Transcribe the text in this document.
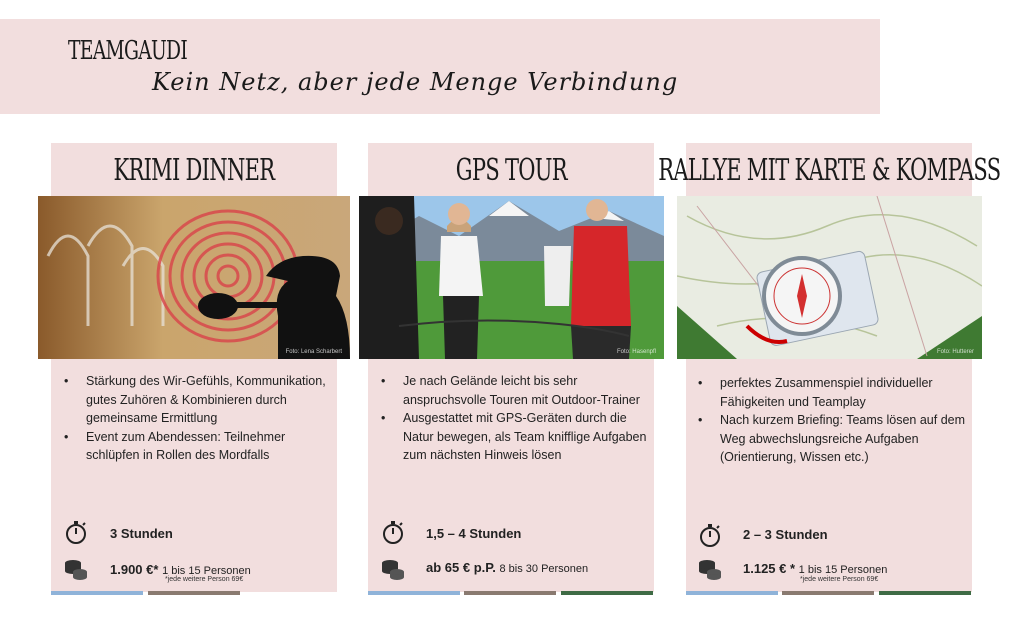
TEAMGAUDI
Kein Netz, aber jede Menge Verbindung
KRIMI DINNER
Foto: Lena Scharbert
• Stärkung des Wir-Gefühls, Kommunikation, gutes Zuhören & Kombinieren durch gemeinsame Ermittlung
• Event zum Abendessen: Teilnehmer schlüpfen in Rollen des Mordfalls
3 Stunden
1.900 €* 1 bis 15 Personen
*jede weitere Person 69€
GPS TOUR
Foto: Hasenpfl
• Je nach Gelände leicht bis sehr anspruchsvolle Touren mit Outdoor-Trainer
• Ausgestattet mit GPS-Geräten durch die Natur bewegen, als Team knifflige Aufgaben zum nächsten Hinweis lösen
1,5 – 4 Stunden
ab 65 € p.P. 8 bis 30 Personen
RALLYE MIT KARTE & KOMPASS
Foto: Hutterer
• perfektes Zusammenspiel individueller Fähigkeiten und Teamplay
• Nach kurzem Briefing: Teams lösen auf dem Weg abwechslungsreiche Aufgaben (Orientierung, Wissen etc.)
2 – 3 Stunden
1.125 € * 1 bis 15 Personen
*jede weitere Person 69€
